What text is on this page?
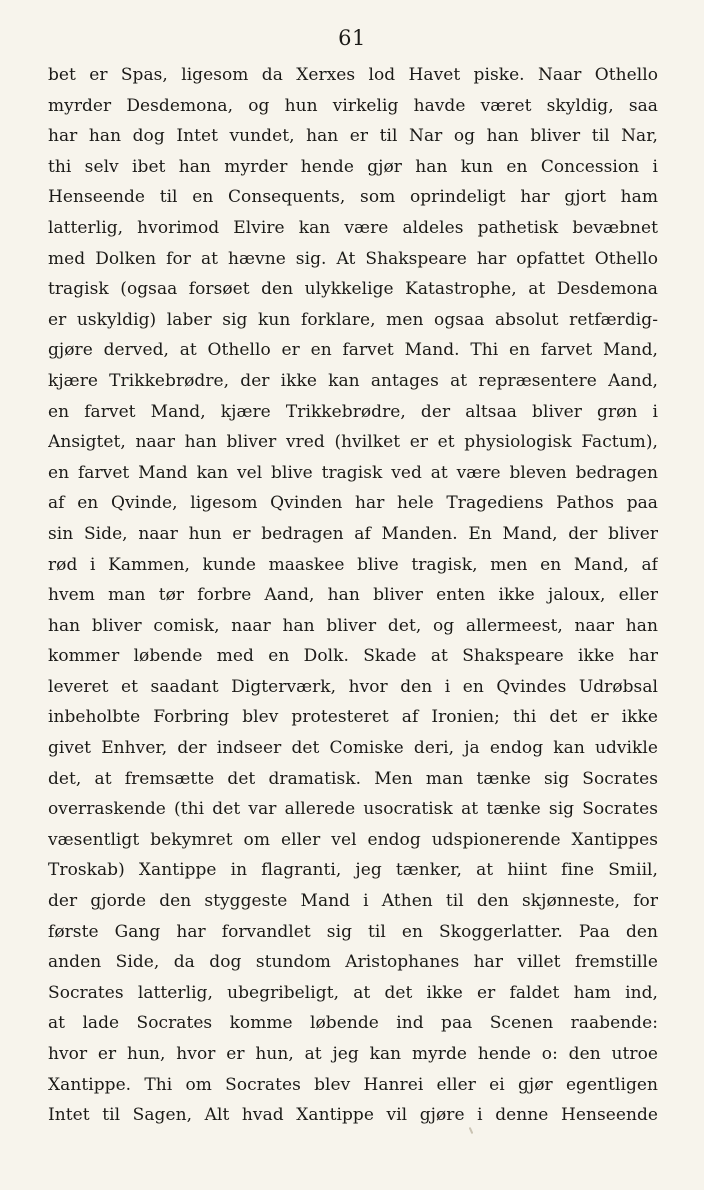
61
bet er Spas, ligesom da Xerxes lod Havet piske. Naar Othello
myrder Desdemona, og hun virkelig havde været skyldig, saa
har han dog Intet vundet, han er til Nar og han bliver til Nar,
thi selv ibet han myrder hende gjør han kun en Concession i
Henseende til en Consequents, som oprindeligt har gjort ham
latterlig, hvorimod Elvire kan være aldeles pathetisk bevæbnet
med Dolken for at hævne sig. At Shakspeare har opfattet Othello
tragisk (ogsaa forsøet den ulykkelige Katastrophe, at Desdemona
er uskyldig) laber sig kun forklare, men ogsaa absolut retfærdig-
gjøre derved, at Othello er en farvet Mand. Thi en farvet Mand,
kjære Trikkebrødre, der ikke kan antages at repræsentere Aand,
en farvet Mand, kjære Trikkebrødre, der altsaa bliver grøn i
Ansigtet, naar han bliver vred (hvilket er et physiologisk Factum),
en farvet Mand kan vel blive tragisk ved at være bleven bedragen
af en Qvinde, ligesom Qvinden har hele Tragediens Pathos paa
sin Side, naar hun er bedragen af Manden. En Mand, der bliver
rød i Kammen, kunde maaskee blive tragisk, men en Mand, af
hvem man tør forbre Aand, han bliver enten ikke jaloux, eller
han bliver comisk, naar han bliver det, og allermeest, naar han
kommer løbende med en Dolk. Skade at Shakspeare ikke har
leveret et saadant Digterværk, hvor den i en Qvindes Udrøbsal
inbeholbte Forbring blev protesteret af Ironien; thi det er ikke
givet Enhver, der indseer det Comiske deri, ja endog kan udvikle
det, at fremsætte det dramatisk. Men man tænke sig Socrates
overraskende (thi det var allerede usocratisk at tænke sig Socrates
væsentligt bekymret om eller vel endog udspionerende Xantippes
Troskab) Xantippe in flagranti, jeg tænker, at hiint fine Smiil,
der gjorde den styggeste Mand i Athen til den skjønneste, for
første Gang har forvandlet sig til en Skoggerlatter. Paa den
anden Side, da dog stundom Aristophanes har villet fremstille
Socrates latterlig, ubegribeligt, at det ikke er faldet ham ind,
at lade Socrates komme løbende ind paa Scenen raabende:
hvor er hun, hvor er hun, at jeg kan myrde hende o: den utroe
Xantippe. Thi om Socrates blev Hanrei eller ei gjør egentligen
Intet til Sagen, Alt hvad Xantippe vil gjøre i denne Henseende
